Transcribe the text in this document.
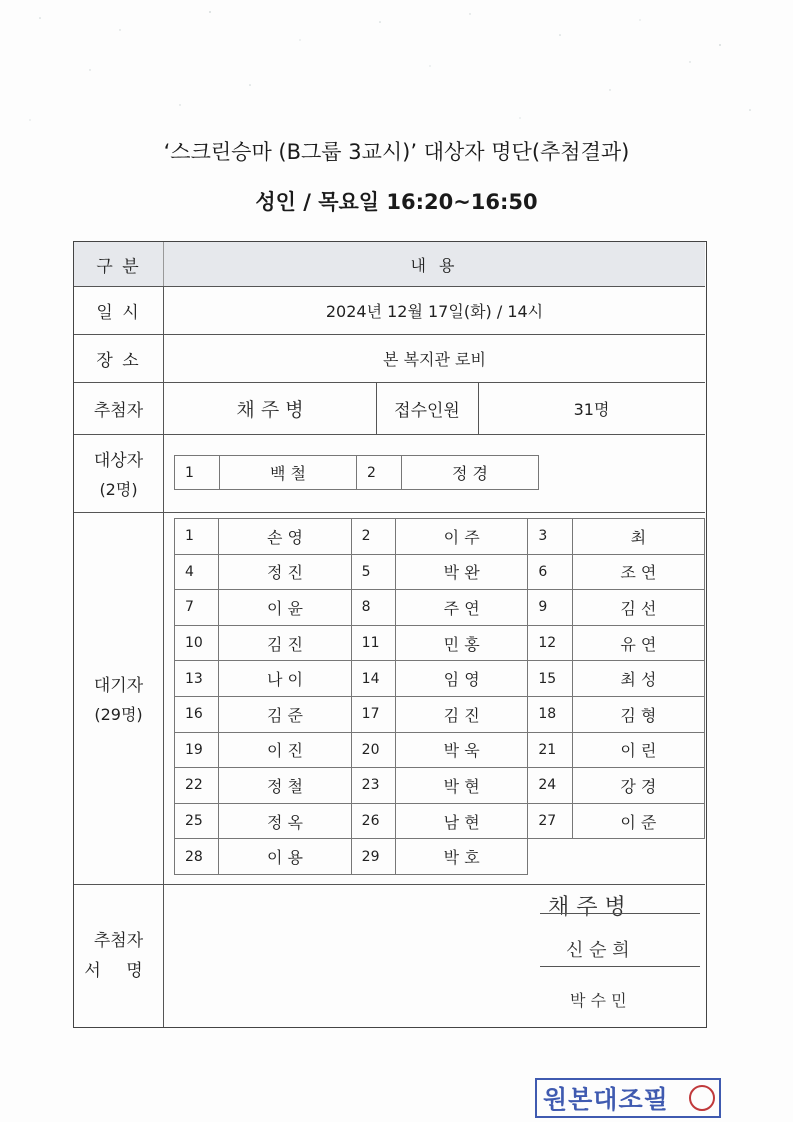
‘스크린승마 (B그룹 3교시)’ 대상자 명단(추첨결과)
성인 / 목요일 16:20~16:50
구 분	내 용
일 시	2024년 12월 17일(화) / 14시
장 소	본 복지관 로비
추첨자	채 주 병	접수인원	31명
대상자
(2명)
1	백 철	2	정 경
대기자
(29명)
1	손 영	2	이 주	3	최
4	정 진	5	박 완	6	조 연
7	이 윤	8	주 연	9	김 선
10	김 진	11	민 홍	12	유 연
13	나 이	14	임 영	15	최 성
16	김 준	17	김 진	18	김 형
19	이 진	20	박 욱	21	이 린
22	정 철	23	박 현	24	강 경
25	정 옥	26	남 현	27	이 준
28	이 용	29	박 호		
추첨자
서 명
채 주 병
신 순 희
박 수 민
원본대조필
